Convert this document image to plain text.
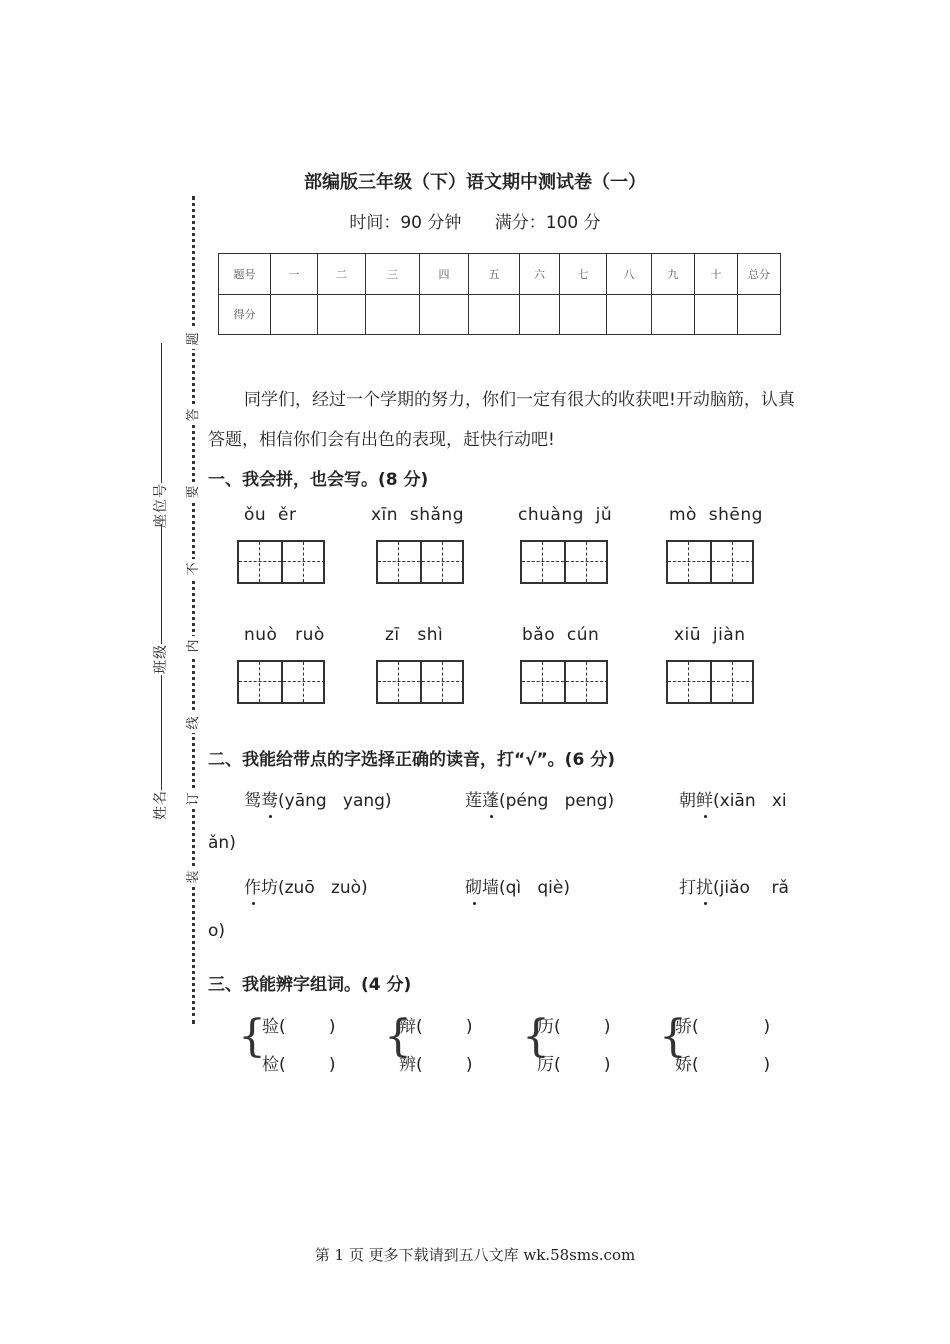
题
答
要
不
内
线
订
装
座位号
班级
姓名
部编版三年级（下）语文期中测试卷（一）
时间：90 分钟 满分：100 分
题号	一	二	三	四	五	六	七	八	九	十	总分
得分											
同学们，经过一个学期的努力，你们一定有很大的收获吧!开动脑筋，认真答题，相信你们会有出色的表现，赶快行动吧!
一、我会拼，也会写。(8 分)
ǒu  ěr	xīn  shǎng	chuàng  jǔ	mò  shēng
nuò   ruò	zī   shì	bǎo  cún	xiū  jiàn
二、我能给带点的字选择正确的读音，打“√”。(6 分)
鸳鸯(yāng   yang)	莲蓬(péng   peng)	朝鲜(xiān   xi
ǎn)
作坊(zuō   zuò)	砌墙(qì   qiè)	打扰(jiǎo    rǎ
o)
三、我能辨字组词。(4 分)
{
验(        )
检(        )
{
辩(        )
辨(        )
{
历(        )
厉(        )
{
骄(            )
娇(            )
第 1 页 更多下载请到五八文库 wk.58sms.com
